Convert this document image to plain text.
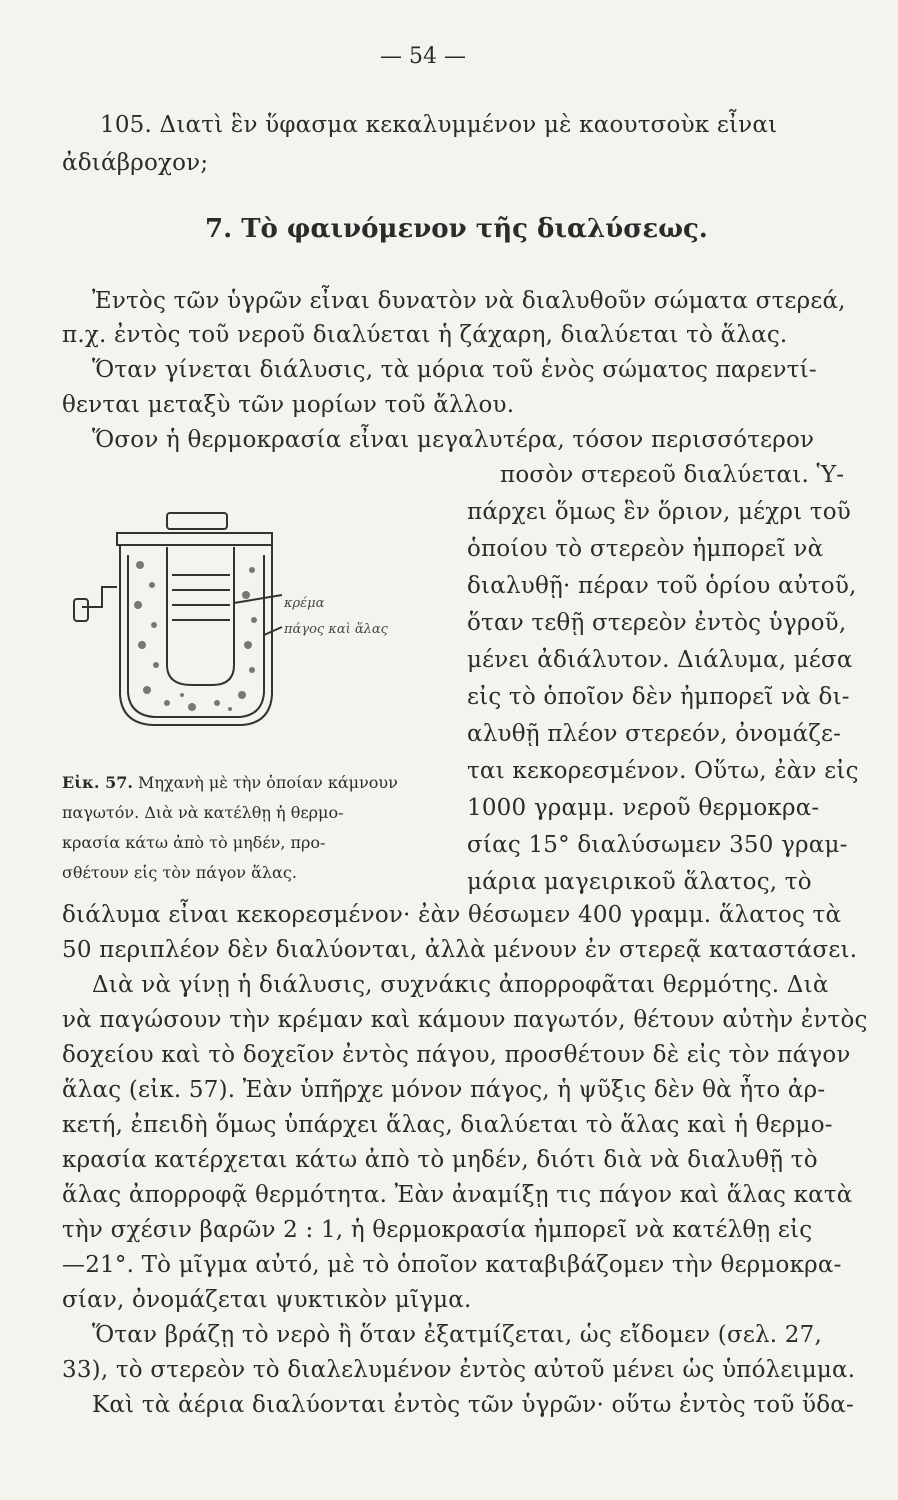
— 54 —
105. Διατὶ ἓν ὕφασμα κεκαλυμμένον μὲ καουτσοὺκ εἶναι
ἀδιάβροχον;
7. Τὸ φαινόμενον τῆς διαλύσεως.
Ἐντὸς τῶν ὑγρῶν εἶναι δυνατὸν νὰ διαλυθοῦν σώματα στερεά,
π.χ. ἐντὸς τοῦ νεροῦ διαλύεται ἡ ζάχαρη, διαλύεται τὸ ἅλας.
Ὅταν γίνεται διάλυσις, τὰ μόρια τοῦ ἑνὸς σώματος παρεντί-
θενται μεταξὺ τῶν μορίων τοῦ ἄλλου.
Ὅσον ἡ θερμοκρασία εἶναι μεγαλυτέρα, τόσον περισσότερον
ποσὸν στερεοῦ διαλύεται. Ὑ-
πάρχει ὅμως ἓν ὅριον, μέχρι τοῦ
ὁποίου τὸ στερεὸν ἠμπορεῖ νὰ
διαλυθῇ· πέραν τοῦ ὁρίου αὐτοῦ,
ὅταν τεθῇ στερεὸν ἐντὸς ὑγροῦ,
μένει ἀδιάλυτον. Διάλυμα, μέσα
εἰς τὸ ὁποῖον δὲν ἠμπορεῖ νὰ δι-
αλυθῇ πλέον στερεόν, ὀνομάζε-
ται κεκορεσμένον. Οὕτω, ἐὰν εἰς
1000 γραμμ. νεροῦ θερμοκρα-
σίας 15° διαλύσωμεν 350 γραμ-
μάρια μαγειρικοῦ ἅλατος, τὸ
κρέμα
πάγος καὶ ἅλας
Εἰκ. 57. Μηχανὴ μὲ τὴν ὁποίαν κάμνουν
παγωτόν. Διὰ νὰ κατέλθῃ ἡ θερμο-
κρασία κάτω ἀπὸ τὸ μηδέν, προ-
σθέτουν εἰς τὸν πάγον ἅλας.
διάλυμα εἶναι κεκορεσμένον· ἐὰν θέσωμεν 400 γραμμ. ἅλατος τὰ
50 περιπλέον δὲν διαλύονται, ἀλλὰ μένουν ἐν στερεᾷ καταστάσει.
Διὰ νὰ γίνῃ ἡ διάλυσις, συχνάκις ἀπορροφᾶται θερμότης. Διὰ
νὰ παγώσουν τὴν κρέμαν καὶ κάμουν παγωτόν, θέτουν αὐτὴν ἐντὸς
δοχείου καὶ τὸ δοχεῖον ἐντὸς πάγου, προσθέτουν δὲ εἰς τὸν πάγον
ἅλας (εἰκ. 57). Ἐὰν ὑπῆρχε μόνον πάγος, ἡ ψῦξις δὲν θὰ ἦτο ἀρ-
κετή, ἐπειδὴ ὅμως ὑπάρχει ἅλας, διαλύεται τὸ ἅλας καὶ ἡ θερμο-
κρασία κατέρχεται κάτω ἀπὸ τὸ μηδέν, διότι διὰ νὰ διαλυθῇ τὸ
ἅλας ἀπορροφᾷ θερμότητα. Ἐὰν ἀναμίξῃ τις πάγον καὶ ἅλας κατὰ
τὴν σχέσιν βαρῶν 2 : 1, ἡ θερμοκρασία ἠμπορεῖ νὰ κατέλθῃ εἰς
—21°. Τὸ μῖγμα αὐτό, μὲ τὸ ὁποῖον καταβιβάζομεν τὴν θερμοκρα-
σίαν, ὀνομάζεται ψυκτικὸν μῖγμα.
Ὅταν βράζῃ τὸ νερὸ ἢ ὅταν ἐξατμίζεται, ὡς εἴδομεν (σελ. 27,
33), τὸ στερεὸν τὸ διαλελυμένον ἐντὸς αὐτοῦ μένει ὡς ὑπόλειμμα.
Καὶ τὰ ἀέρια διαλύονται ἐντὸς τῶν ὑγρῶν· οὕτω ἐντὸς τοῦ ὕδα-
